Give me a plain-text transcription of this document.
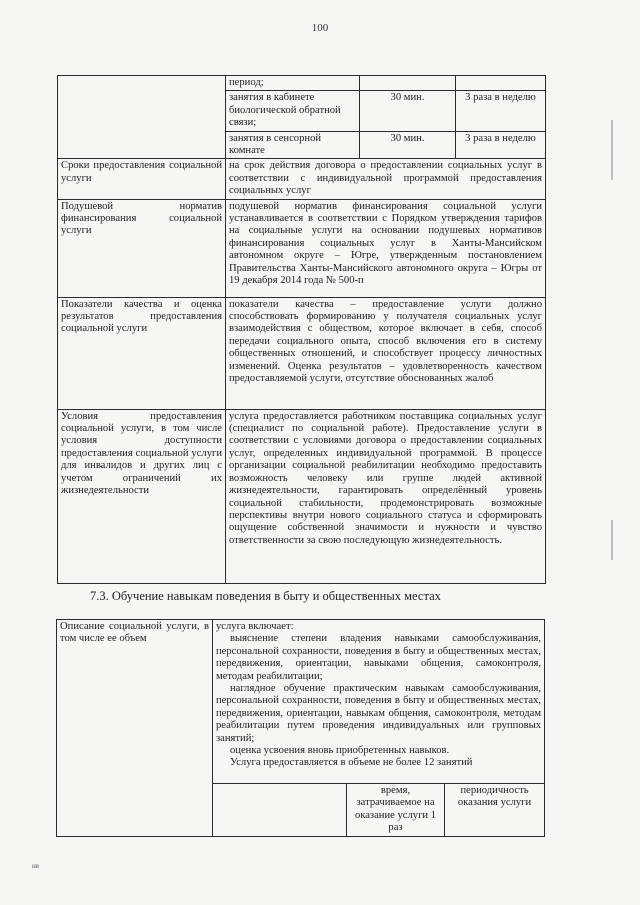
100
	период;		
	занятия в кабинете биологической обратной связи;	30 мин.	3 раза в неделю
	занятия в сенсорной комнате	30 мин.	3 раза в неделю
Сроки предоставления социальной услуги	на срок действия договора о предоставлении социальных услуг в соответствии с индивидуальной программой предоставления социальных услуг		
Подушевой норматив финансирования социальной услуги	подушевой норматив финансирования социальной услуги устанавливается в соответствии с Порядком утверждения тарифов на социальные услуги на основании подушевых нормативов финансирования социальных услуг в Ханты-Мансийском автономном округе – Югре, утвержденным постановлением Правительства Ханты-Мансийского автономного округа – Югры от 19 декабря 2014 года № 500-п		
Показатели качества и оценка результатов предоставления социальной услуги	показатели качества – предоставление услуги должно способствовать формированию у получателя социальных услуг взаимодействия с обществом, которое включает в себя, способ передачи социального опыта, способ включения его в систему общественных отношений, и способствует процессу личностных изменений. Оценка результатов – удовлетворенность качеством предоставляемой услуги, отсутствие обоснованных жалоб		
Условия предоставления социальной услуги, в том числе условия доступности предоставления социальной услуги для инвалидов и других лиц с учетом ограничений их жизнедеятельности	услуга предоставляется работником поставщика социальных услуг (специалист по социальной работе). Предоставление услуги в соответствии с условиями договора о предоставлении социальных услуг, определенных индивидуальной программой. В процессе организации социальной реабилитации необходимо предоставить возможность человеку или группе людей активной жизнедеятельности, гарантировать определённый уровень социальной стабильности, продемонстрировать возможные перспективы внутри нового социального статуса и сформировать ощущение собственной значимости и нужности и чувство ответственности за свою последующую жизнедеятельность.		
7.3. Обучение навыкам поведения в быту и общественных местах
Описание социальной услуги, в том числе ее объем	услуга включает:
выяснение степени владения навыками самообслуживания, персональной сохранности, поведения в быту и общественных местах, передвижения, ориентации, навыками общения, самоконтроля, методам реабилитации;
наглядное обучение практическим навыкам самообслуживания, персональной сохранности, поведения в быту и общественных местах, передвижения, ориентации, навыкам общения, самоконтроля, методам реабилитации путем проведения индивидуальных или групповых занятий;
оценка усвоения вновь приобретенных навыков.
Услуга предоставляется в объеме не более 12 занятий		

		время, затрачиваемое на оказание услуги 1 раз	периодичность оказания услуги
нв
